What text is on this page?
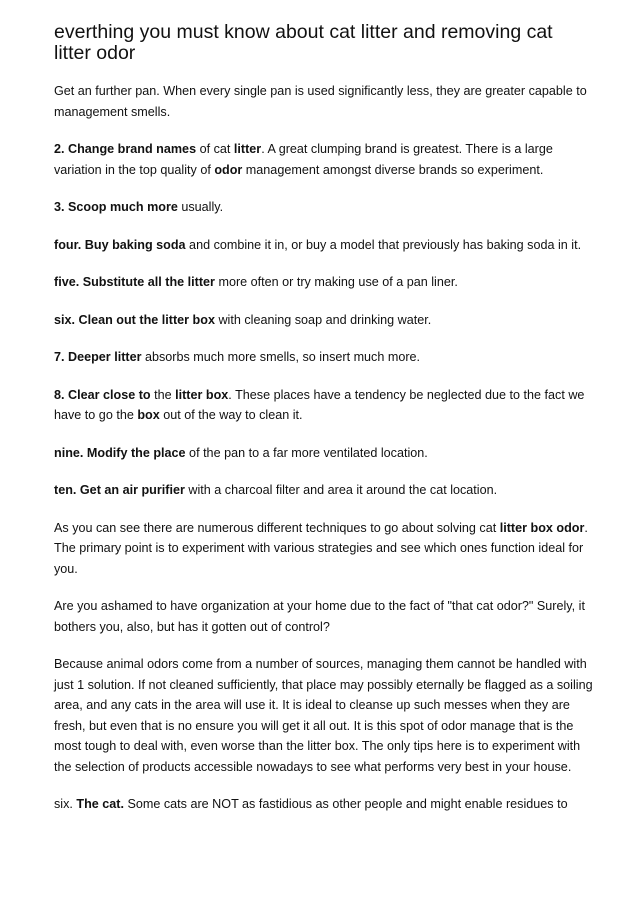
everthing you must know about cat litter and removing cat litter odor

Get an further pan. When every single pan is used significantly less, they are greater capable to management smells.

2. Change brand names of cat litter. A great clumping brand is greatest. There is a large variation in the top quality of odor management amongst diverse brands so experiment.

3. Scoop much more usually.

four. Buy baking soda and combine it in, or buy a model that previously has baking soda in it.

five. Substitute all the litter more often or try making use of a pan liner.

six. Clean out the litter box with cleaning soap and drinking water.

7. Deeper litter absorbs much more smells, so insert much more.

8. Clear close to the litter box. These places have a tendency be neglected due to the fact we have to go the box out of the way to clean it.

nine. Modify the place of the pan to a far more ventilated location.

ten. Get an air purifier with a charcoal filter and area it around the cat location.

As you can see there are numerous different techniques to go about solving cat litter box odor. The primary point is to experiment with various strategies and see which ones function ideal for you.

Are you ashamed to have organization at your home due to the fact of "that cat odor?" Surely, it bothers you, also, but has it gotten out of control?

Because animal odors come from a number of sources, managing them cannot be handled with just 1 solution. If not cleaned sufficiently, that place may possibly eternally be flagged as a soiling area, and any cats in the area will use it. It is ideal to cleanse up such messes when they are fresh, but even that is no ensure you will get it all out. It is this spot of odor manage that is the most tough to deal with, even worse than the litter box. The only tips here is to experiment with the selection of products accessible nowadays to see what performs very best in your house.

six. The cat. Some cats are NOT as fastidious as other people and might enable residues to
